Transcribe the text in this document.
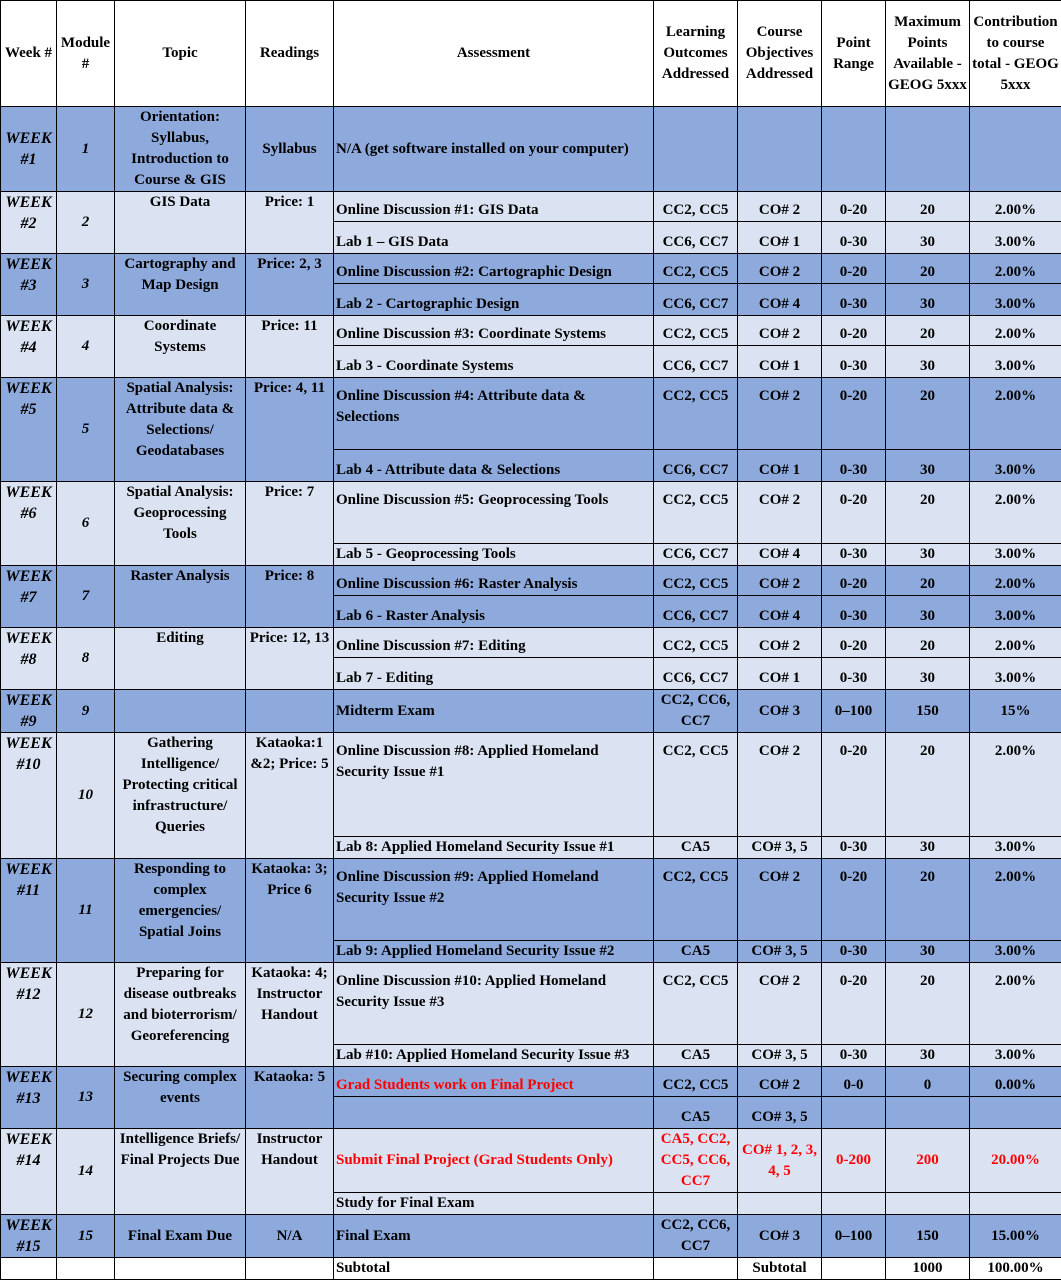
Week #	Module #	Topic	Readings	Assessment	Learning Outcomes Addressed	Course Objectives Addressed	Point Range	Maximum Points Available - GEOG 5xxx	Contribution to course total - GEOG 5xxx
WEEK #1	1	Orientation: Syllabus, Introduction to Course & GIS	Syllabus	N/A (get software installed on your computer)					
WEEK #2	2	GIS Data	Price: 1	Online Discussion #1: GIS Data	CC2, CC5	CO# 2	0-20	20	2.00%
				Lab 1 – GIS Data	CC6, CC7	CO# 1	0-30	30	3.00%
WEEK #3	3	Cartography and Map Design	Price: 2, 3	Online Discussion #2: Cartographic Design	CC2, CC5	CO# 2	0-20	20	2.00%
				Lab 2 - Cartographic Design	CC6, CC7	CO# 4	0-30	30	3.00%
WEEK #4	4	Coordinate Systems	Price: 11	Online Discussion #3: Coordinate Systems	CC2, CC5	CO# 2	0-20	20	2.00%
				Lab 3 - Coordinate Systems	CC6, CC7	CO# 1	0-30	30	3.00%
WEEK #5	5	Spatial Analysis: Attribute data & Selections/ Geodatabases	Price: 4, 11	Online Discussion #4: Attribute data & Selections	CC2, CC5	CO# 2	0-20	20	2.00%
				Lab 4 - Attribute data & Selections	CC6, CC7	CO# 1	0-30	30	3.00%
WEEK #6	6	Spatial Analysis: Geoprocessing Tools	Price: 7	Online Discussion #5: Geoprocessing Tools	CC2, CC5	CO# 2	0-20	20	2.00%
				Lab 5 - Geoprocessing Tools	CC6, CC7	CO# 4	0-30	30	3.00%
WEEK #7	7	Raster Analysis	Price: 8	Online Discussion #6: Raster Analysis	CC2, CC5	CO# 2	0-20	20	2.00%
				Lab 6 - Raster Analysis	CC6, CC7	CO# 4	0-30	30	3.00%
WEEK #8	8	Editing	Price: 12, 13	Online Discussion #7: Editing	CC2, CC5	CO# 2	0-20	20	2.00%
				Lab 7 - Editing	CC6, CC7	CO# 1	0-30	30	3.00%
WEEK #9	9			Midterm Exam	CC2, CC6, CC7	CO# 3	0–100	150	15%
WEEK #10	10	Gathering Intelligence/ Protecting critical infrastructure/ Queries	Kataoka:1 &2; Price: 5	Online Discussion #8: Applied Homeland Security Issue #1	CC2, CC5	CO# 2	0-20	20	2.00%
				Lab 8: Applied Homeland Security Issue #1	CA5	CO# 3, 5	0-30	30	3.00%
WEEK #11	11	Responding to complex emergencies/ Spatial Joins	Kataoka: 3; Price 6	Online Discussion #9: Applied Homeland Security Issue #2	CC2, CC5	CO# 2	0-20	20	2.00%
				Lab 9: Applied Homeland Security Issue #2	CA5	CO# 3, 5	0-30	30	3.00%
WEEK #12	12	Preparing for disease outbreaks and bioterrorism/ Georeferencing	Kataoka: 4; Instructor Handout	Online Discussion #10: Applied Homeland Security Issue #3	CC2, CC5	CO# 2	0-20	20	2.00%
				Lab #10: Applied Homeland Security Issue #3	CA5	CO# 3, 5	0-30	30	3.00%
WEEK #13	13	Securing complex events	Kataoka: 5	Grad Students work on Final Project	CC2, CC5	CO# 2	0-0	0	0.00%
					CA5	CO# 3, 5			
WEEK #14	14	Intelligence Briefs/ Final Projects Due	Instructor Handout	Submit Final Project (Grad Students Only)	CA5, CC2, CC5, CC6, CC7	CO# 1, 2, 3, 4, 5	0-200	200	20.00%
				Study for Final Exam					
WEEK #15	15	Final Exam Due	N/A	Final Exam	CC2, CC6, CC7	CO# 3	0–100	150	15.00%
				Subtotal		Subtotal		1000	100.00%
